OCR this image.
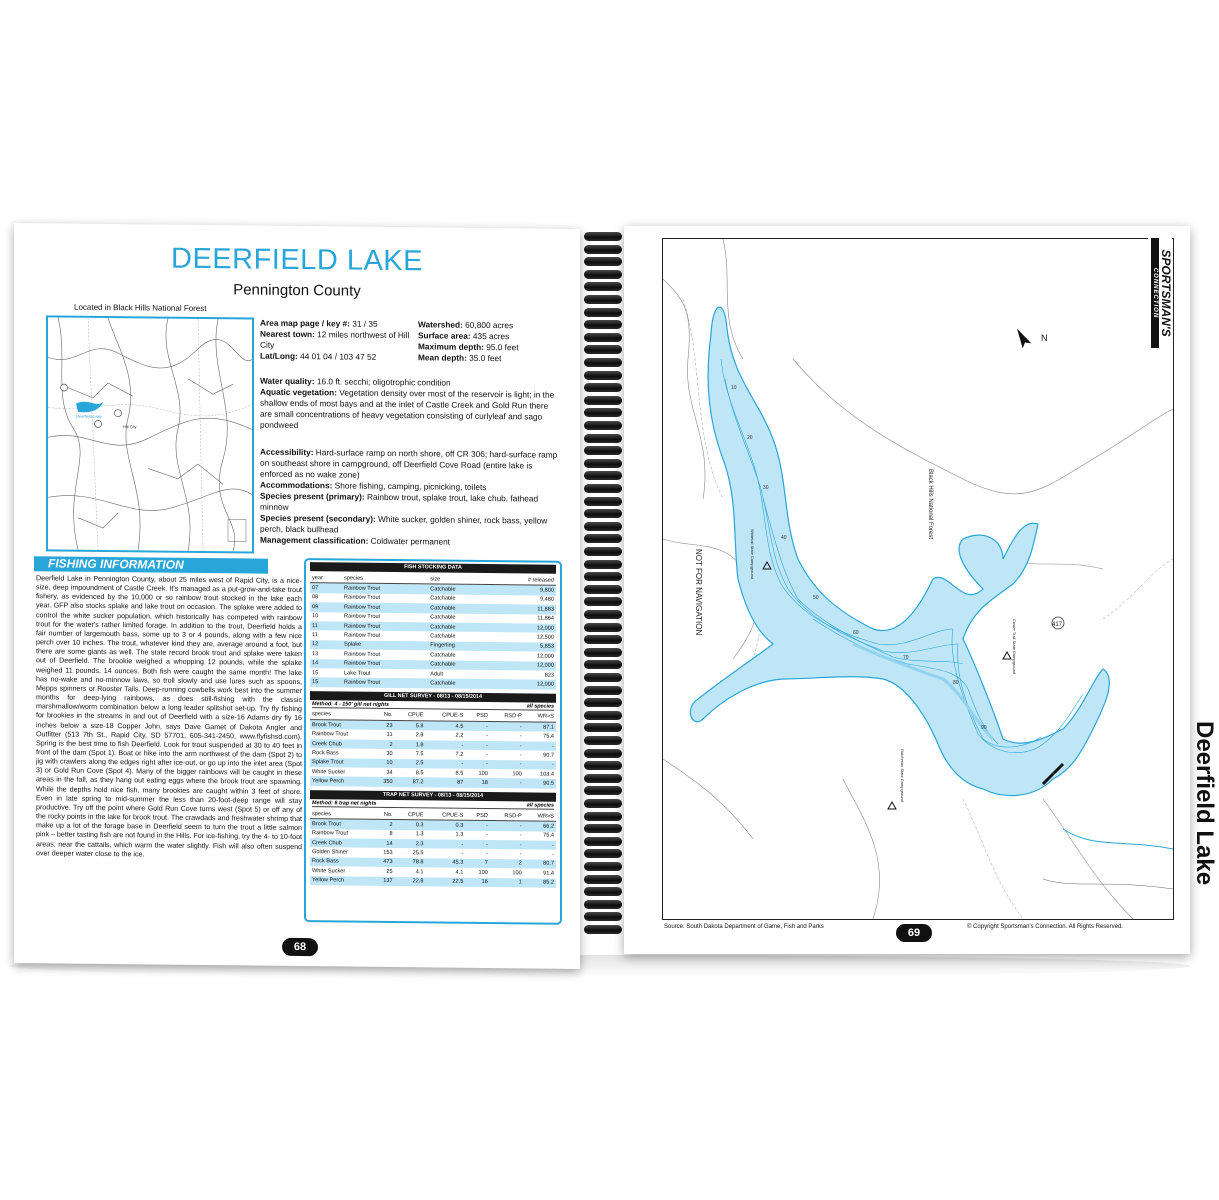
DEERFIELD LAKE
Pennington County
Located in Black Hills National Forest
Deerfield Lake
Hill City
Area map page / key #: 31 / 35
Nearest town: 12 miles northwest of Hill City
Lat/Long: 44 01 04 / 103 47 52
Watershed: 60,800 acres
Surface area: 435 acres
Maximum depth: 95.0 feet
Mean depth: 35.0 feet
Water quality: 16.0 ft. secchi; oligotrophic condition
Aquatic vegetation: Vegetation density over most of the reservoir is light; in the shallow ends of most bays and at the inlet of Castle Creek and Gold Run there are small concentrations of heavy vegetation consisting of curlyleaf and sago pondweed
Accessibility: Hard-surface ramp on north shore, off CR 306; hard-surface ramp on southeast shore in campground, off Deerfield Cove Road (entire lake is enforced as no wake zone)
Accommodations: Shore fishing, camping, picnicking, toilets
Species present (primary): Rainbow trout, splake trout, lake chub, fathead minnow
Species present (secondary): White sucker, golden shiner, rock bass, yellow perch, black bullhead
Management classification: Coldwater permanent
FISHING INFORMATION
Deerfield Lake in Pennington County, about 25 miles west of Rapid City, is a nice-size, deep impoundment of Castle Creek. It's managed as a put-grow-and-take trout fishery, as evidenced by the 10,000 or so rainbow trout stocked in the lake each year. GFP also stocks splake and lake trout on occasion. The splake were added to control the white sucker population, which historically has competed with rainbow trout for the water's rather limited forage. In addition to the trout, Deerfield holds a fair number of largemouth bass, some up to 3 or 4 pounds, along with a few nice perch over 10 inches. The trout, whatever kind they are, average around a foot, but there are some giants as well. The state record brook trout and splake were taken out of Deerfield. The brookie weighed a whopping 12 pounds, while the splake weighed 11 pounds, 14 ounces. Both fish were caught the same month! The lake has no-wake and no-minnow laws, so troll slowly and use lures such as spoons, Mepps spinners or Rooster Tails. Deep-running cowbells work best into the summer months for deep-lying rainbows, as does still-fishing with the classic marshmallow/worm combination below a long leader splitshot set-up. Try fly fishing for brookies in the streams in and out of Deerfield with a size-16 Adams dry fly 16 inches below a size-18 Copper John, says Dave Gamet of Dakota Angler and Outfitter (513 7th St., Rapid City, SD 57701, 605-341-2450, www.flyfishsd.com). Spring is the best time to fish Deerfield. Look for trout suspended at 30 to 40 feet in front of the dam (Spot 1). Boat or hike into the arm northwest of the dam (Spot 2) to jig with crawlers along the edges right after ice-out, or go up into the inlet area (Spot 3) or Gold Run Cove (Spot 4). Many of the bigger rainbows will be caught in these areas in the fall, as they hang out eating eggs where the brook trout are spawning. While the depths hold nice fish, many brookies are caught within 3 feet of shore. Even in late spring to mid-summer the less than 20-foot-deep range will stay productive. Try off the point where Gold Run Cove turns west (Spot 5) or off any of the rocky points in the lake for brook trout. The crawdads and freshwater shrimp that make up a lot of the forage base in Deerfield seem to turn the trout a little salmon pink – better tasting fish are not found in the Hills. For ice-fishing, try the 4- to 10-foot areas, near the cattails, which warm the water slightly. Fish will also often suspend over deeper water close to the ice.
FISH STOCKING DATA
year	species	size	# released
07	Rainbow Trout	Catchable	9,800
08	Rainbow Trout	Catchable	9,480
09	Rainbow Trout	Catchable	11,883
10	Rainbow Trout	Catchable	11,864
11	Rainbow Trout	Catchable	12,000
11	Rainbow Trout	Catchable	12,500
12	Splake	Fingerling	5,853
13	Rainbow Trout	Catchable	12,000
14	Rainbow Trout	Catchable	12,000
15	Lake Trout	Adult	823
15	Rainbow Trout	Catchable	12,000
GILL NET SURVEY - 08/13 - 08/15/2014
Method: 4 - 150' gill net nights	all species
species	No.	CPUE	CPUE-S	PSD	RSD-P	WR>S
Brook Trout	23	5.8	4.5	-	-	87.1
Rainbow Trout	11	2.8	2.2	-	-	75.4
Creek Chub	2	1.8	-	-	-	-
Rock Bass	30	7.5	7.2	-	-	90.7
Splake Trout	10	2.5	-	-	-	-
White Sucker	34	8.5	8.5	100	100	103.4
Yellow Perch	350	87.2	87	18	-	90.5
TRAP NET SURVEY - 08/13 - 08/15/2014
Method: 6 trap net nights	all species
species	No.	CPUE	CPUE-S	PSD	RSD-P	WR>S
Brook Trout	2	0.3	0.3	-	-	66.2
Rainbow Trout	8	1.3	1.3	-	-	75.4
Creek Chub	14	2.3	-	-	-	-
Golden Shiner	153	25.5	-	-	-	-
Rock Bass	473	78.8	45.3	7	2	80.7
White Sucker	25	4.1	4.1	100	100	91.4
Yellow Perch	137	22.8	22.5	16	1	85.2
68
N
417
10
20
30
40
50
60
70
80
90
Whitetail State Campground
Custer Trail State Campground
Dutchman State Campground
NOT FOR NAVIGATION
Black Hills National Forest
SPORTSMAN'S
CONNECTION
Deerfield Lake
Source: South Dakota Department of Game, Fish and Parks	69	© Copyright Sportsman's Connection. All Rights Reserved.
